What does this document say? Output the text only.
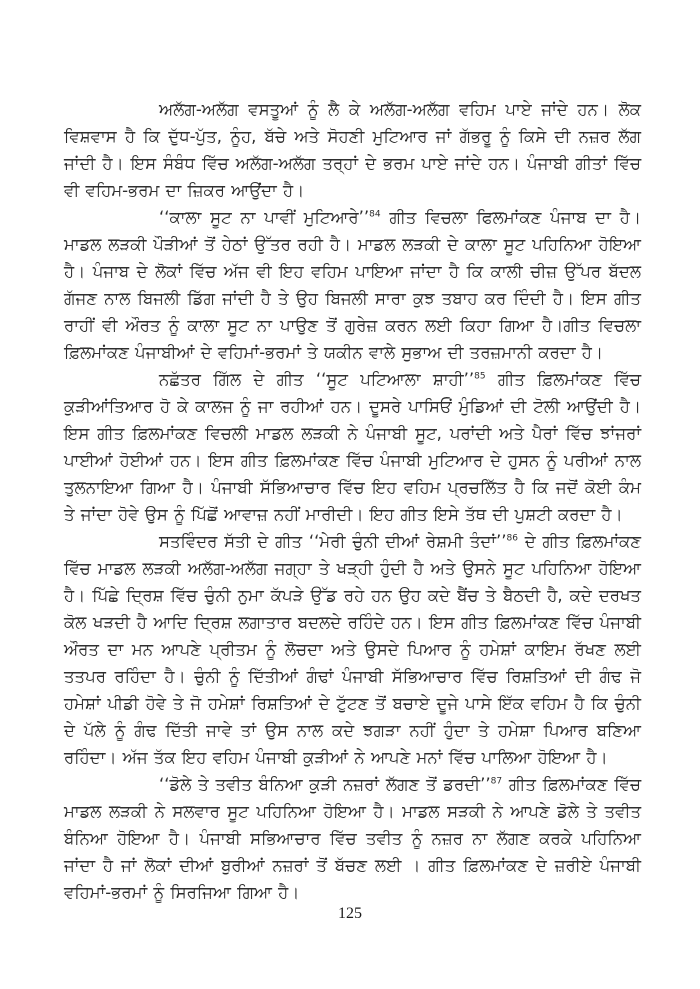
ਅਲੱਗ-ਅਲੱਗ ਵਸਤੂਆਂ ਨੂੰ ਲੈ ਕੇ ਅਲੱਗ-ਅਲੱਗ ਵਹਿਮ ਪਾਏ ਜਾਂਦੇ ਹਨ। ਲੋਕ ਵਿਸ਼ਵਾਸ ਹੈ ਕਿ ਦੁੱਧ-ਪੁੱਤ, ਨੂੰਹ, ਬੱਚੇ ਅਤੇ ਸੋਹਣੀ ਮੁਟਿਆਰ ਜਾਂ ਗੱਭਰੂ ਨੂੰ ਕਿਸੇ ਦੀ ਨਜ਼ਰ ਲੱਗ ਜਾਂਦੀ ਹੈ। ਇਸ ਸੰਬੰਧ ਵਿੱਚ ਅਲੱਗ-ਅਲੱਗ ਤਰ੍ਹਾਂ ਦੇ ਭਰਮ ਪਾਏ ਜਾਂਦੇ ਹਨ। ਪੰਜਾਬੀ ਗੀਤਾਂ ਵਿੱਚ ਵੀ ਵਹਿਮ-ਭਰਮ ਦਾ ਜ਼ਿਕਰ ਆਉਂਦਾ ਹੈ।

‘‘ਕਾਲਾ ਸੂਟ ਨਾ ਪਾਵੀਂ ਮੁਟਿਆਰੇ’’$^{84}$ ਗੀਤ ਵਿਚਲਾ ਫਿਲਮਾਂਕਣ ਪੰਜਾਬ ਦਾ ਹੈ। ਮਾਡਲ ਲੜਕੀ ਪੌੜੀਆਂ ਤੋਂ ਹੇਠਾਂ ਉੱਤਰ ਰਹੀ ਹੈ। ਮਾਡਲ ਲੜਕੀ ਦੇ ਕਾਲਾ ਸੂਟ ਪਹਿਨਿਆ ਹੋਇਆ ਹੈ। ਪੰਜਾਬ ਦੇ ਲੋਕਾਂ ਵਿੱਚ ਅੱਜ ਵੀ ਇਹ ਵਹਿਮ ਪਾਇਆ ਜਾਂਦਾ ਹੈ ਕਿ ਕਾਲੀ ਚੀਜ਼ ਉੱਪਰ ਬੱਦਲ ਗੱਜਣ ਨਾਲ ਬਿਜਲੀ ਡਿੱਗ ਜਾਂਦੀ ਹੈ ਤੇ ਉਹ ਬਿਜਲੀ ਸਾਰਾ ਕੁਝ ਤਬਾਹ ਕਰ ਦਿੰਦੀ ਹੈ। ਇਸ ਗੀਤ ਰਾਹੀਂ ਵੀ ਔਰਤ ਨੂੰ ਕਾਲਾ ਸੂਟ ਨਾ ਪਾਉਣ ਤੋਂ ਗੁਰੇਜ਼ ਕਰਨ ਲਈ ਕਿਹਾ ਗਿਆ ਹੈ।ਗੀਤ ਵਿਚਲਾ ਫ਼ਿਲਮਾਂਕਣ ਪੰਜਾਬੀਆਂ ਦੇ ਵਹਿਮਾਂ-ਭਰਮਾਂ ਤੇ ਯਕੀਨ ਵਾਲੇ ਸੁਭਾਅ ਦੀ ਤਰਜ਼ਮਾਨੀ ਕਰਦਾ ਹੈ।

ਨਛੱਤਰ ਗਿੱਲ ਦੇ ਗੀਤ ‘‘ਸੂਟ ਪਟਿਆਲਾ ਸ਼ਾਹੀ’’$^{85}$ ਗੀਤ ਫ਼ਿਲਮਾਂਕਣ ਵਿੱਚ ਕੁੜੀਆਂਤਿਆਰ ਹੋ ਕੇ ਕਾਲਜ ਨੂੰ ਜਾ ਰਹੀਆਂ ਹਨ। ਦੂਸਰੇ ਪਾਸਿਓਂ ਮੁੰਡਿਆਂ ਦੀ ਟੋਲੀ ਆਉਂਦੀ ਹੈ। ਇਸ ਗੀਤ ਫ਼ਿਲਮਾਂਕਣ ਵਿਚਲੀ ਮਾਡਲ ਲੜਕੀ ਨੇ ਪੰਜਾਬੀ ਸੂਟ, ਪਰਾਂਦੀ ਅਤੇ ਪੈਰਾਂ ਵਿੱਚ ਝਾਂਜਰਾਂ ਪਾਈਆਂ ਹੋਈਆਂ ਹਨ। ਇਸ ਗੀਤ ਫ਼ਿਲਮਾਂਕਣ ਵਿੱਚ ਪੰਜਾਬੀ ਮੁਟਿਆਰ ਦੇ ਹੁਸਨ ਨੂੰ ਪਰੀਆਂ ਨਾਲ ਤੁਲਨਾਇਆ ਗਿਆ ਹੈ। ਪੰਜਾਬੀ ਸੱਭਿਆਚਾਰ ਵਿੱਚ ਇਹ ਵਹਿਮ ਪ੍ਰਚਲਿੱਤ ਹੈ ਕਿ ਜਦੋਂ ਕੋਈ ਕੰਮ ਤੇ ਜਾਂਦਾ ਹੋਵੇ ਉਸ ਨੂੰ ਪਿੱਛੋਂ ਆਵਾਜ਼ ਨਹੀਂ ਮਾਰੀਦੀ। ਇਹ ਗੀਤ ਇਸੇ ਤੱਥ ਦੀ ਪੁਸ਼ਟੀ ਕਰਦਾ ਹੈ।

ਸਤਵਿੰਦਰ ਸੱਤੀ ਦੇ ਗੀਤ ‘‘ਮੇਰੀ ਚੁੰਨੀ ਦੀਆਂ ਰੇਸ਼ਮੀ ਤੰਦਾਂ’’$^{86}$ ਦੇ ਗੀਤ ਫ਼ਿਲਮਾਂਕਣ ਵਿੱਚ ਮਾਡਲ ਲੜਕੀ ਅਲੱਗ-ਅਲੱਗ ਜਗ੍ਹਾ ਤੇ ਖੜ੍ਹੀ ਹੁੰਦੀ ਹੈ ਅਤੇ ਉਸਨੇ ਸੂਟ ਪਹਿਨਿਆ ਹੋਇਆ ਹੈ। ਪਿੱਛੇ ਦ੍ਰਿਸ਼ ਵਿੱਚ ਚੁੰਨੀ ਨੁਮਾ ਕੱਪੜੇ ਉੱਡ ਰਹੇ ਹਨ ਉਹ ਕਦੇ ਬੈਂਚ ਤੇ ਬੈਠਦੀ ਹੈ, ਕਦੇ ਦਰਖਤ ਕੋਲ ਖੜਦੀ ਹੈ ਆਦਿ ਦ੍ਰਿਸ਼ ਲਗਾਤਾਰ ਬਦਲਦੇ ਰਹਿੰਦੇ ਹਨ। ਇਸ ਗੀਤ ਫ਼ਿਲਮਾਂਕਣ ਵਿੱਚ ਪੰਜਾਬੀ ਔਰਤ ਦਾ ਮਨ ਆਪਣੇ ਪ੍ਰੀਤਮ ਨੂੰ ਲੋਚਦਾ ਅਤੇ ਉਸਦੇ ਪਿਆਰ ਨੂੰ ਹਮੇਸ਼ਾਂ ਕਾਇਮ ਰੱਖਣ ਲਈ ਤਤਪਰ ਰਹਿੰਦਾ ਹੈ। ਚੁੰਨੀ ਨੂੰ ਦਿੱਤੀਆਂ ਗੰਢਾਂ ਪੰਜਾਬੀ ਸੱਭਿਆਚਾਰ ਵਿੱਚ ਰਿਸ਼ਤਿਆਂ ਦੀ ਗੰਢ ਜੋ ਹਮੇਸ਼ਾਂ ਪੀਡੀ ਹੋਵੇ ਤੇ ਜੋ ਹਮੇਸ਼ਾਂ ਰਿਸ਼ਤਿਆਂ ਦੇ ਟੁੱਟਣ ਤੋਂ ਬਚਾਏ ਦੂਜੇ ਪਾਸੇ ਇੱਕ ਵਹਿਮ ਹੈ ਕਿ ਚੁੰਨੀ ਦੇ ਪੱਲੇ ਨੂੰ ਗੰਢ ਦਿੱਤੀ ਜਾਵੇ ਤਾਂ ਉਸ ਨਾਲ ਕਦੇ ਝਗੜਾ ਨਹੀਂ ਹੁੰਦਾ ਤੇ ਹਮੇਸ਼ਾ ਪਿਆਰ ਬਣਿਆ ਰਹਿੰਦਾ। ਅੱਜ ਤੱਕ ਇਹ ਵਹਿਮ ਪੰਜਾਬੀ ਕੁੜੀਆਂ ਨੇ ਆਪਣੇ ਮਨਾਂ ਵਿੱਚ ਪਾਲਿਆ ਹੋਇਆ ਹੈ।

‘‘ਡੋਲੇ ਤੇ ਤਵੀਤ ਬੰਨਿਆ ਕੁੜੀ ਨਜ਼ਰਾਂ ਲੱਗਣ ਤੋਂ ਡਰਦੀ’’$^{87}$ ਗੀਤ ਫ਼ਿਲਮਾਂਕਣ ਵਿੱਚ ਮਾਡਲ ਲੜਕੀ ਨੇ ਸਲਵਾਰ ਸੂਟ ਪਹਿਨਿਆ ਹੋਇਆ ਹੈ। ਮਾਡਲ ਸੜਕੀ ਨੇ ਆਪਣੇ ਡੋਲੇ ਤੇ ਤਵੀਤ ਬੰਨਿਆ ਹੋਇਆ ਹੈ। ਪੰਜਾਬੀ ਸਭਿਆਚਾਰ ਵਿੱਚ ਤਵੀਤ ਨੂੰ ਨਜ਼ਰ ਨਾ ਲੱਗਣ ਕਰਕੇ ਪਹਿਨਿਆ ਜਾਂਦਾ ਹੈ ਜਾਂ ਲੋਕਾਂ ਦੀਆਂ ਬੁਰੀਆਂ ਨਜ਼ਰਾਂ ਤੋਂ ਬੱਚਣ ਲਈ । ਗੀਤ ਫ਼ਿਲਮਾਂਕਣ ਦੇ ਜ਼ਰੀਏ ਪੰਜਾਬੀ ਵਹਿਮਾਂ-ਭਰਮਾਂ ਨੂੰ ਸਿਰਜਿਆ ਗਿਆ ਹੈ।

125
